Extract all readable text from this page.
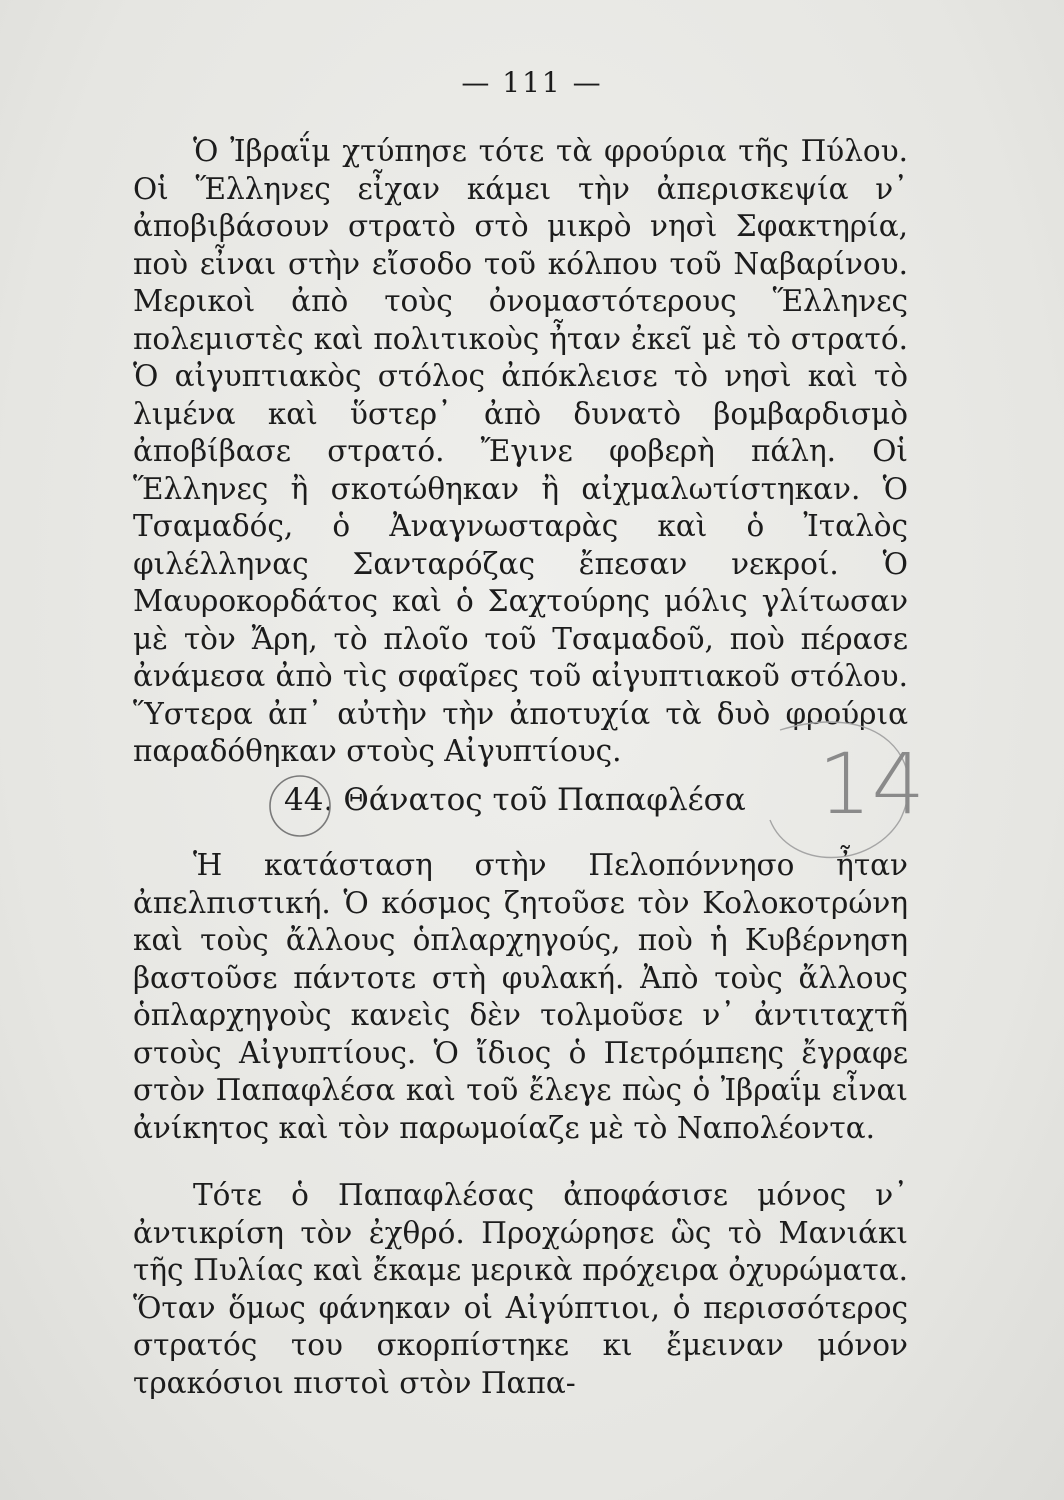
— 111 —

Ὁ Ἰβραΐμ χτύπησε τότε τὰ φρούρια τῆς Πύλου. Οἱ Ἕλληνες εἶχαν κάμει τὴν ἀπερισκεψία ν᾽ ἀποβιβάσουν στρατὸ στὸ μικρὸ νησὶ Σφακτηρία, ποὺ εἶναι στὴν εἴσοδο τοῦ κόλπου τοῦ Ναβαρίνου. Μερικοὶ ἀπὸ τοὺς ὀνομαστότερους Ἕλληνες πολεμιστὲς καὶ πολιτικοὺς ἦταν ἐκεῖ μὲ τὸ στρατό. Ὁ αἰγυπτιακὸς στόλος ἀπόκλεισε τὸ νησὶ καὶ τὸ λιμένα καὶ ὕστερ᾽ ἀπὸ δυνατὸ βομβαρδισμὸ ἀποβίβασε στρατό. Ἔγινε φοβερὴ πάλη. Οἱ Ἕλληνες ἢ σκοτώθηκαν ἢ αἰχμαλωτίστηκαν. Ὁ Τσαμαδός, ὁ Ἀναγνωσταρὰς καὶ ὁ Ἰταλὸς φιλέλληνας Σανταρόζας ἔπεσαν νεκροί. Ὁ Μαυροκορδάτος καὶ ὁ Σαχτούρης μόλις γλίτωσαν μὲ τὸν Ἄρη, τὸ πλοῖο τοῦ Τσαμαδοῦ, ποὺ πέρασε ἀνάμεσα ἀπὸ τὶς σφαῖρες τοῦ αἰγυπτιακοῦ στόλου. Ὕστερα ἀπ᾽ αὐτὴν τὴν ἀποτυχία τὰ δυὸ φρούρια παραδόθηκαν στοὺς Αἰγυπτίους.

44. Θάνατος τοῦ Παπαφλέσα

Ἡ κατάσταση στὴν Πελοπόννησο ἦταν ἀπελπιστική. Ὁ κόσμος ζητοῦσε τὸν Κολοκοτρώνη καὶ τοὺς ἄλλους ὁπλαρχηγούς, ποὺ ἡ Κυβέρνηση βαστοῦσε πάντοτε στὴ φυλακή. Ἀπὸ τοὺς ἄλλους ὁπλαρχηγοὺς κανεὶς δὲν τολμοῦσε ν᾽ ἀντιταχτῆ στοὺς Αἰγυπτίους. Ὁ ἴδιος ὁ Πετρόμπεης ἔγραφε στὸν Παπαφλέσα καὶ τοῦ ἔλεγε πὼς ὁ Ἰβραΐμ εἶναι ἀνίκητος καὶ τὸν παρωμοίαζε μὲ τὸ Ναπολέοντα.

Τότε ὁ Παπαφλέσας ἀποφάσισε μόνος ν᾽ ἀντικρίση τὸν ἐχθρό. Προχώρησε ὣς τὸ Μανιάκι τῆς Πυλίας καὶ ἔκαμε μερικὰ πρόχειρα ὀχυρώματα. Ὅταν ὅμως φάνηκαν οἱ Αἰγύπτιοι, ὁ περισσότερος στρατός του σκορπίστηκε κι ἔμειναν μόνον τρακόσιοι πιστοὶ στὸν Παπα-

14
